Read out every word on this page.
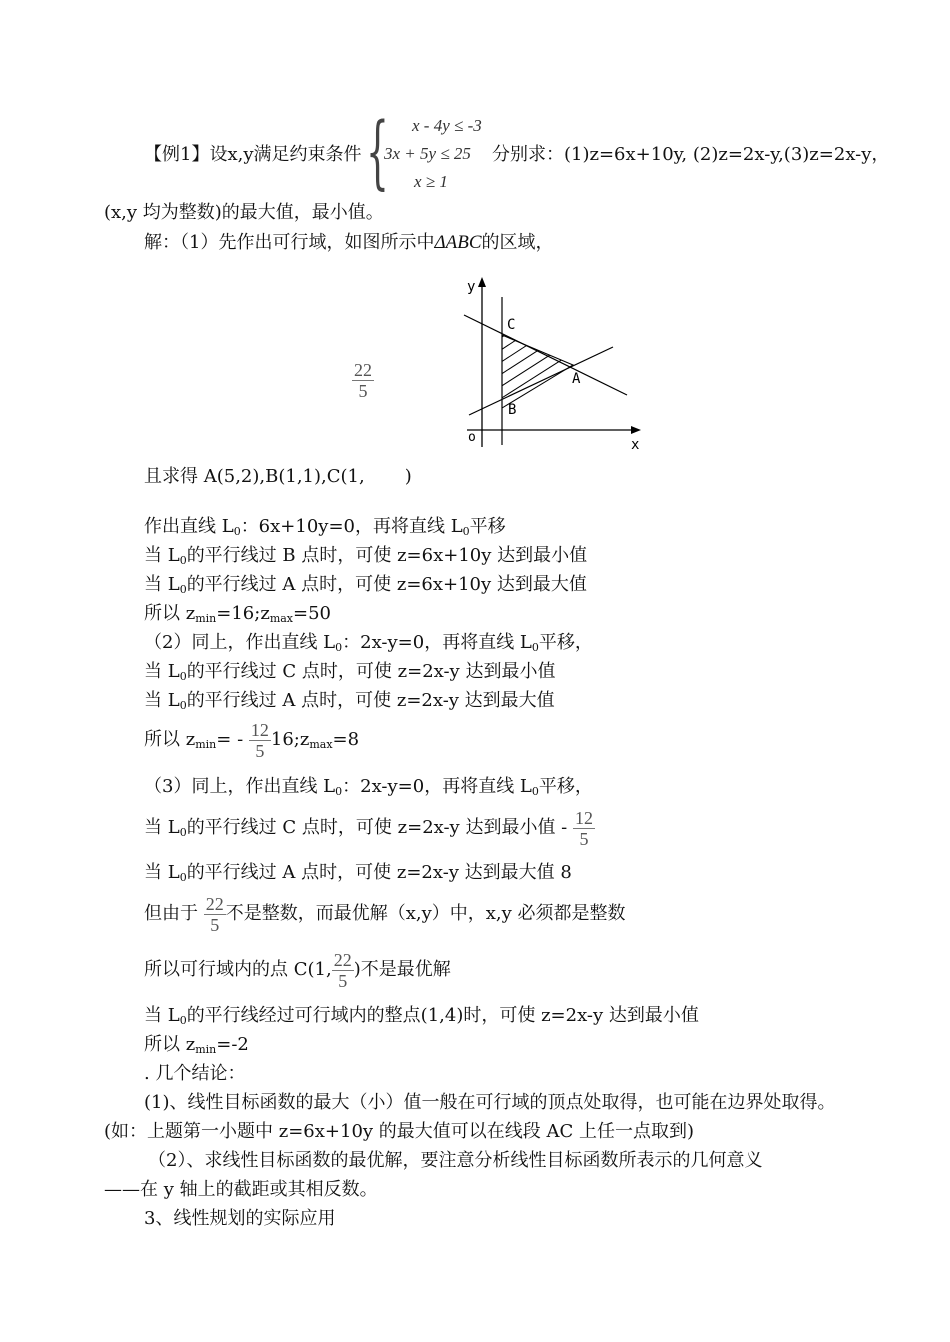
【例1】设x,y满足约束条件 { x - 4y ≤ -3
3x + 5y ≤ 25
x ≥ 1
分别求：(1)z=6x+10y, (2)z=2x-y,(3)z=2x-y，
(x,y 均为整数)的最大值，最小值。
解：（1）先作出可行域，如图所示中ΔABC的区域，
$\frac{22}{5}$
y
x
o
C
A
B
且求得 A(5,2),B(1,1),C(1, )
作出直线 $L_0$：6x+10y=0，再将直线 $L_0$平移
当 $L_0$的平行线过 B 点时，可使 z=6x+10y 达到最小值
当 $L_0$的平行线过 A 点时，可使 z=6x+10y 达到最大值
所以 $z_{min}=16;z_{max}=50$
（2）同上，作出直线 $L_0$：2x-y=0，再将直线 $L_0$平移，
当 $L_0$的平行线过 C 点时，可使 z=2x-y 达到最小值
当 $L_0$的平行线过 A 点时，可使 z=2x-y 达到最大值
所以 $z_{min}= - \frac{12}{5}$ $16;z_{max}=8$
（3）同上，作出直线 $L_0$：2x-y=0，再将直线 $L_0$平移，
当 $L_0$的平行线过 C 点时，可使 z=2x-y 达到最小值 - $\frac{12}{5}$
当 $L_0$的平行线过 A 点时，可使 z=2x-y 达到最大值 8
但由于 $\frac{22}{5}$ 不是整数，而最优解（x,y）中，x,y 必须都是整数
所以可行域内的点 C(1, $\frac{22}{5}$ )不是最优解
当 $L_0$的平行线经过可行域内的整点(1,4)时，可使 z=2x-y 达到最小值
所以 $z_{min}=-2$
. 几个结论：
(1)、线性目标函数的最大（小）值一般在可行域的顶点处取得，也可能在边界处取得。
(如：上题第一小题中 z=6x+10y 的最大值可以在线段 AC 上任一点取到)
（2）、求线性目标函数的最优解，要注意分析线性目标函数所表示的几何意义
——在 y 轴上的截距或其相反数。
3、线性规划的实际应用
